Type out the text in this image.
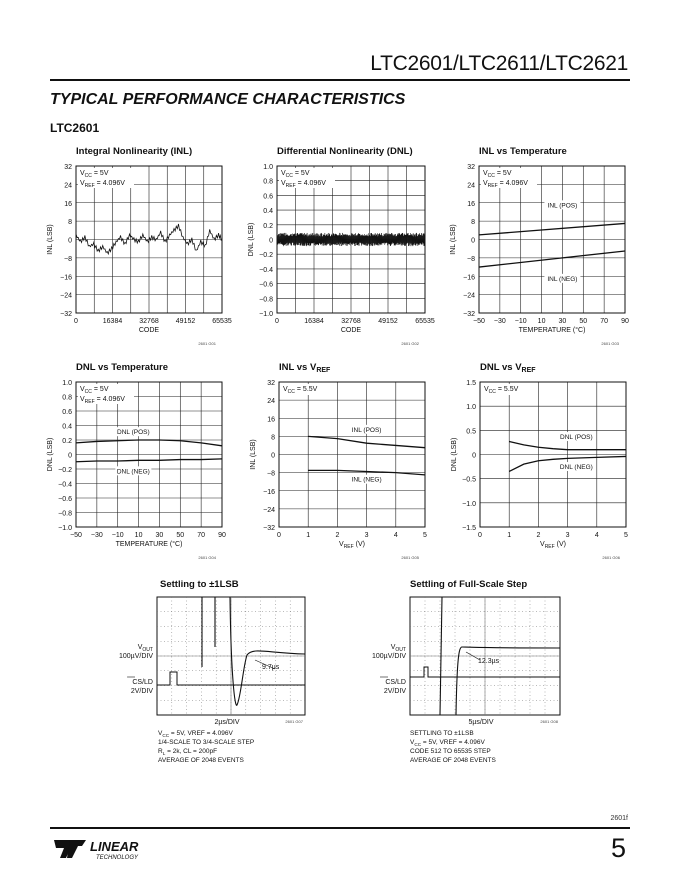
LTC2601/LTC2611/LTC2621
TYPICAL PERFORMANCE CHARACTERISTICS
LTC2601
Integral Nonlinearity (INL)
32
24
16
8
0
−8
−16
−24
−32
0	16384 32768 49152 65535
CODE
INL (LSB)
$V_{CC} = 5V$
$V_{REF} = 4.096V$
2601 G01
Differential Nonlinearity (DNL)
1.0
0.8
0.6
0.4
0.2
0
−0.2
−0.4
−0.6
−0.8
−1.0
0	16384	32768	49152	65535
CODE
DNL (LSB)
$V_{CC} = 5V$
$V_{REF} = 4.096V$
2601 G02
INL vs Temperature
32
24
16
8
0
−8
−16
−24
−32
−50 −30 −10 10 30 50 70 90
TEMPERATURE (°C)
INL (LSB)
$V_{CC} = 5V$
$V_{REF} = 4.096V$
INL (POS)
INL (NEG)
2601 G03
DNL vs Temperature
1.0
0.8
0.6
0.4
0.2
0
−0.2
−0.4
−0.6
−0.8
−1.0
−50 −30 −10 10 30 50 70 90
TEMPERATURE (°C)
DNL (LSB)
$V_{CC} = 5V$
$V_{REF} = 4.096V$
DNL (POS)
DNL (NEG)
2601 G04
INL vs $V_{REF}$
32
24
16
8
0
−8
−16
−24
−32
0	1	2	3	4	5
$V_{REF}$ (V)
INL (LSB)
$V_{CC} = 5.5V$
INL (POS)
INL (NEG)
2601 G05
DNL vs $V_{REF}$
1.5
1.0
0.5
0
−0.5
−1.0
−1.5
0	1	2	3	4	5
$V_{REF}$ (V)
DNL (LSB)
$V_{CC} = 5.5V$
DNL (POS)
DNL (NEG)
2601 G06
Settling to ±1LSB
9.7µs
$V_{OUT}$
100µV/DIV
CS/LD
2V/DIV
2µs/DIV	2601 G07
$V_{CC} = 5V$, VREF = 4.096V
1/4-SCALE TO 3/4-SCALE STEP
$R_L = 2k$, CL = 200pF
AVERAGE OF 2048 EVENTS
Settling of Full-Scale Step
12.3µs
$V_{OUT}$
100µV/DIV
CS/LD
2V/DIV
5µs/DIV	2601 G08
SETTLING TO ±1LSB
$V_{CC} = 5V$, VREF = 4.096V
CODE 512 TO 65535 STEP
AVERAGE OF 2048 EVENTS
2601f
5
LINEAR
TECHNOLOGY
